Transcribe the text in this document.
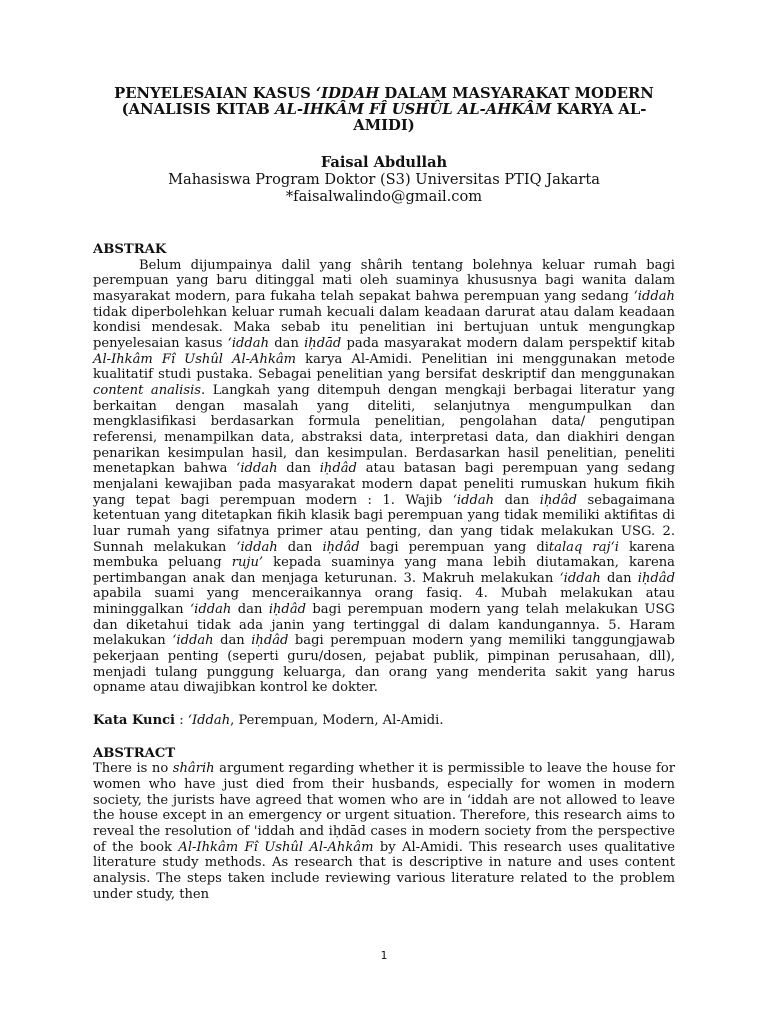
PENYELESAIAN KASUS ‘IDDAH DALAM MASYARAKAT MODERN
(ANALISIS KITAB AL-IHKÂM FÎ USHÛL AL-AHKÂM KARYA AL-AMIDI)

Faisal Abdullah
Mahasiswa Program Doktor (S3) Universitas PTIQ Jakarta
*faisalwalindo@gmail.com

ABSTRAK

Belum dijumpainya dalil yang shârih tentang bolehnya keluar rumah bagi perempuan yang baru ditinggal mati oleh suaminya khususnya bagi wanita dalam masyarakat modern, para fukaha telah sepakat bahwa perempuan yang sedang ‘iddah tidak diperbolehkan keluar rumah kecuali dalam keadaan darurat atau dalam keadaan kondisi mendesak. Maka sebab itu penelitian ini bertujuan untuk mengungkap penyelesaian kasus ‘iddah dan iḥdād pada masyarakat modern dalam perspektif kitab Al-Ihkâm Fî Ushûl Al-Ahkâm karya Al-Amidi. Penelitian ini menggunakan metode kualitatif studi pustaka. Sebagai penelitian yang bersifat deskriptif dan menggunakan content analisis. Langkah yang ditempuh dengan mengkaji berbagai literatur yang berkaitan dengan masalah yang diteliti, selanjutnya mengumpulkan dan mengklasifikasi berdasarkan formula penelitian, pengolahan data/ pengutipan referensi, menampilkan data, abstraksi data, interpretasi data, dan diakhiri dengan penarikan kesimpulan hasil, dan kesimpulan. Berdasarkan hasil penelitian, peneliti menetapkan bahwa ‘iddah dan iḥdâd atau batasan bagi perempuan yang sedang menjalani kewajiban pada masyarakat modern dapat peneliti rumuskan hukum fikih yang tepat bagi perempuan modern : 1. Wajib ‘iddah dan iḥdâd sebagaimana ketentuan yang ditetapkan fikih klasik bagi perempuan yang tidak memiliki aktifitas di luar rumah yang sifatnya primer atau penting, dan yang tidak melakukan USG. 2. Sunnah melakukan ‘iddah dan iḥdâd bagi perempuan yang ditalaq raj‘i karena membuka peluang ruju’ kepada suaminya yang mana lebih diutamakan, karena pertimbangan anak dan menjaga keturunan. 3. Makruh melakukan ‘iddah dan iḥdâd apabila suami yang menceraikannya orang fasiq. 4. Mubah melakukan atau mininggalkan ‘iddah dan iḥdâd bagi perempuan modern yang telah melakukan USG dan diketahui tidak ada janin yang tertinggal di dalam kandungannya. 5. Haram melakukan ‘iddah dan iḥdâd bagi perempuan modern yang memiliki tanggungjawab pekerjaan penting (seperti guru/dosen, pejabat publik, pimpinan perusahaan, dll), menjadi tulang punggung keluarga, dan orang yang menderita sakit yang harus opname atau diwajibkan kontrol ke dokter.

Kata Kunci : ‘Iddah, Perempuan, Modern, Al-Amidi.

ABSTRACT

There is no shârih argument regarding whether it is permissible to leave the house for women who have just died from their husbands, especially for women in modern society, the jurists have agreed that women who are in ‘iddah are not allowed to leave the house except in an emergency or urgent situation. Therefore, this research aims to reveal the resolution of 'iddah and iḥdād cases in modern society from the perspective of the book Al-Ihkâm Fî Ushûl Al-Ahkâm by Al-Amidi. This research uses qualitative literature study methods. As research that is descriptive in nature and uses content analysis. The steps taken include reviewing various literature related to the problem under study, then

1
